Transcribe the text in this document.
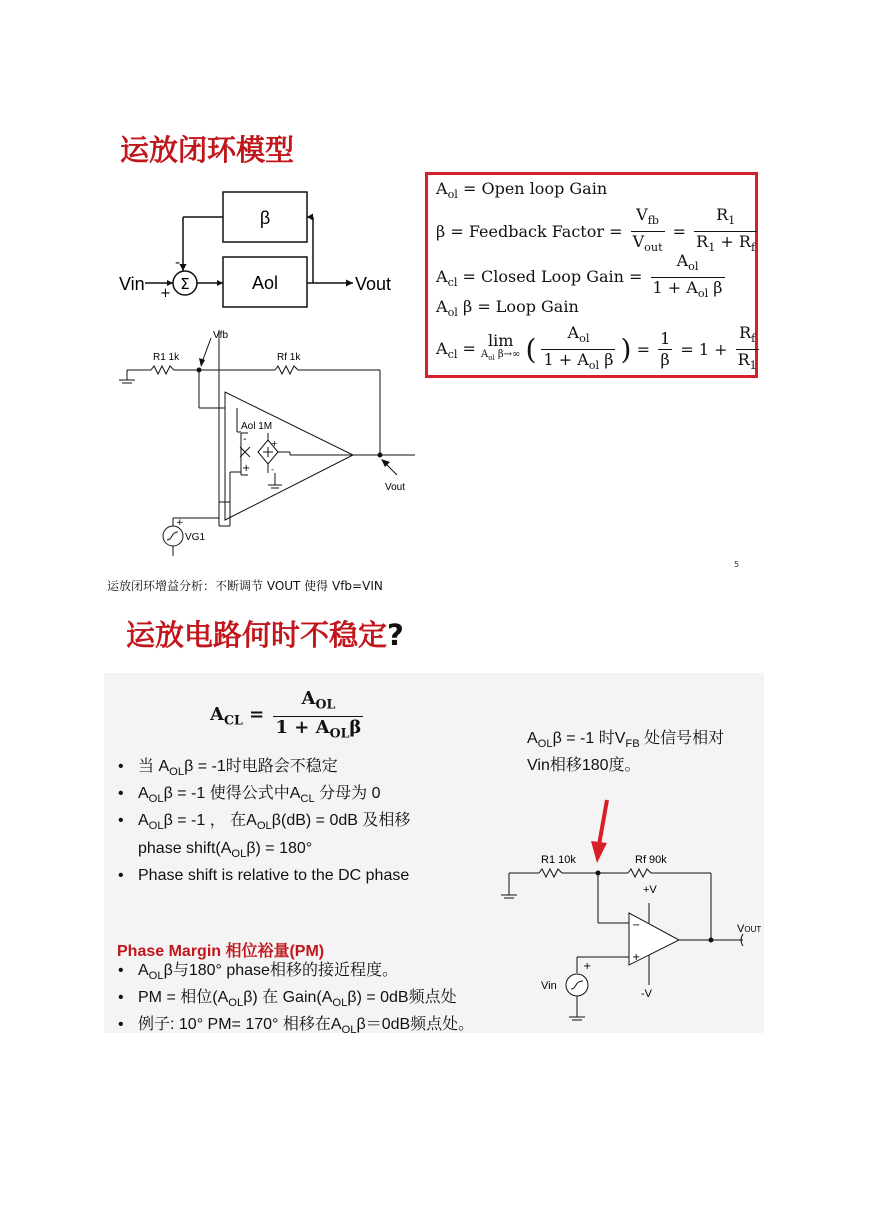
运放闭环模型
5
β
Aol
Σ
Vin	Vout
-
+
R1 1k	Rf 1k
Vfb
Aol 1M
Vout
VG1
+
-
+
+
-
$A_{ol}$ = Open loop Gain
β = Feedback Factor = $\frac{V_{fb}}{V_{out}} = \frac{R_1}{R_1 + R_f}$
$A_{cl}$ = Closed Loop Gain = $\frac{A_{ol}}{1 + A_{ol} \beta}$
$A_{ol}$ β = Loop Gain
$A_{cl} = \lim$
$A_{ol}$ β→∞ ( $\frac{A_{ol}}{1 + A_{ol} \beta}$ ) = $\frac{1}{\beta} = 1 + \frac{R_f}{R_1}$
运放闭环增益分析：不断调节 VOUT 使得 Vfb=VIN
运放电路何时不稳定?
$A_{CL} = \frac{A_{OL}}{1 + A_{OL}\beta}$
• 当 $A_{OL}\beta = -1$时电路会不稳定
• $A_{OL}\beta = -1$ 使得公式中$A_{CL}$ 分母为 0
• $A_{OL}\beta = -1$ ， 在$A_{OL}\beta(dB) = 0dB$ 及相移
phase $shift(A_{OL}\beta) = 180^\circ$
• Phase shift is relative to the DC phase
$A_{OL}\beta = -1$ 时$V_{FB}$ 处信号相对
Vin相移180度。
Phase Margin 相位裕量(PM)
• $A_{OL}\beta$与180° phase相移的接近程度。
• PM = 相位$(A_{OL}\beta)$ 在 $Gain(A_{OL}\beta) = 0dB$频点处
• 例子: 10° PM= 170° 相移在$A_{OL}\beta=0dB$频点处。
R1 10k	Rf 90k
+V
-V
VOUT
Vin
−
+
+
